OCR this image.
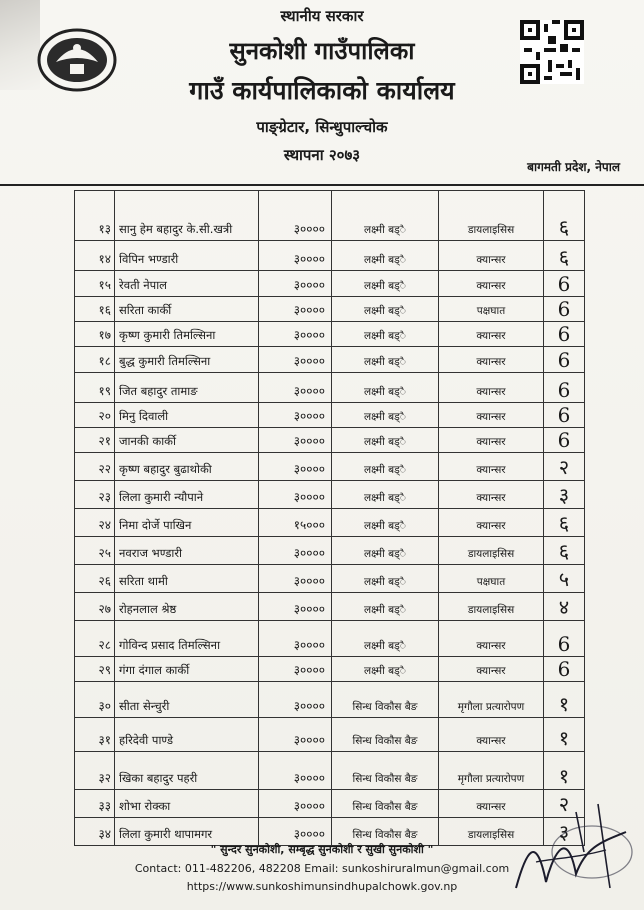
स्थानीय सरकार
सुनकोशी गाउँपालिका
गाउँ कार्यपालिकाको कार्यालय
पाङ्ग्रेटार, सिन्धुपाल्चोक
स्थापना २०७३
बागमती प्रदेश, नेपाल
१३	सानु हेम बहादुर के.सी.खत्री	३००००	लक्ष्मी बड्ै	डायलाइसिस	६
१४	विपिन भण्डारी	३००००	लक्ष्मी बड्ै	क्यान्सर	६
१५	रेवती नेपाल	३००००	लक्ष्मी बड्ै	क्यान्सर	6
१६	सरिता कार्की	३००००	लक्ष्मी बड्ै	पक्षघात	6
१७	कृष्ण कुमारी तिमल्सिना	३००००	लक्ष्मी बड्ै	क्यान्सर	6
१८	बुद्ध कुमारी तिमल्सिना	३००००	लक्ष्मी बड्ै	क्यान्सर	6
१९	जित बहादुर तामाङ	३००००	लक्ष्मी बड्ै	क्यान्सर	6
२०	मिनु दिवाली	३००००	लक्ष्मी बड्ै	क्यान्सर	6
२१	जानकी कार्की	३००००	लक्ष्मी बड्ै	क्यान्सर	6
२२	कृष्ण बहादुर बुढाथोकी	३००००	लक्ष्मी बड्ै	क्यान्सर	२
२३	लिला कुमारी न्यौपाने	३००००	लक्ष्मी बड्ै	क्यान्सर	३
२४	निमा दोर्जे पाखिन	१५०००	लक्ष्मी बड्ै	क्यान्सर	६
२५	नवराज भण्डारी	३००००	लक्ष्मी बड्ै	डायलाइसिस	६
२६	सरिता थामी	३००००	लक्ष्मी बड्ै	पक्षघात	५
२७	रोहनलाल श्रेष्ठ	३००००	लक्ष्मी बड्ै	डायलाइसिस	४
२८	गोविन्द प्रसाद तिमल्सिना	३००००	लक्ष्मी बड्ै	क्यान्सर	6
२९	गंगा दंगाल कार्की	३००००	लक्ष्मी बड्ै	क्यान्सर	6
३०	सीता सेन्चुरी	३००००	सिन्ध विकौस बैङ	मृगौला प्रत्यारोपण	१
३१	हरिदेवी पाण्डे	३००००	सिन्ध विकौस बैङ	क्यान्सर	१
३२	खिका बहादुर पहरी	३००००	सिन्ध विकौस बैङ	मृगौला प्रत्यारोपण	१
३३	शोभा रोक्का	३००००	सिन्ध विकौस बैङ	क्यान्सर	२
३४	लिला कुमारी थापामगर	३००००	सिन्ध विकौस बैङ	डायलाइसिस	३
" सुन्दर सुनकोशी, सम्बृद्ध सुनकोशी र सुखी सुनकोशी "
Contact: 011-482206, 482208 Email: sunkoshiruralmun@gmail.com
https://www.sunkoshimunsindhupalchowk.gov.np
